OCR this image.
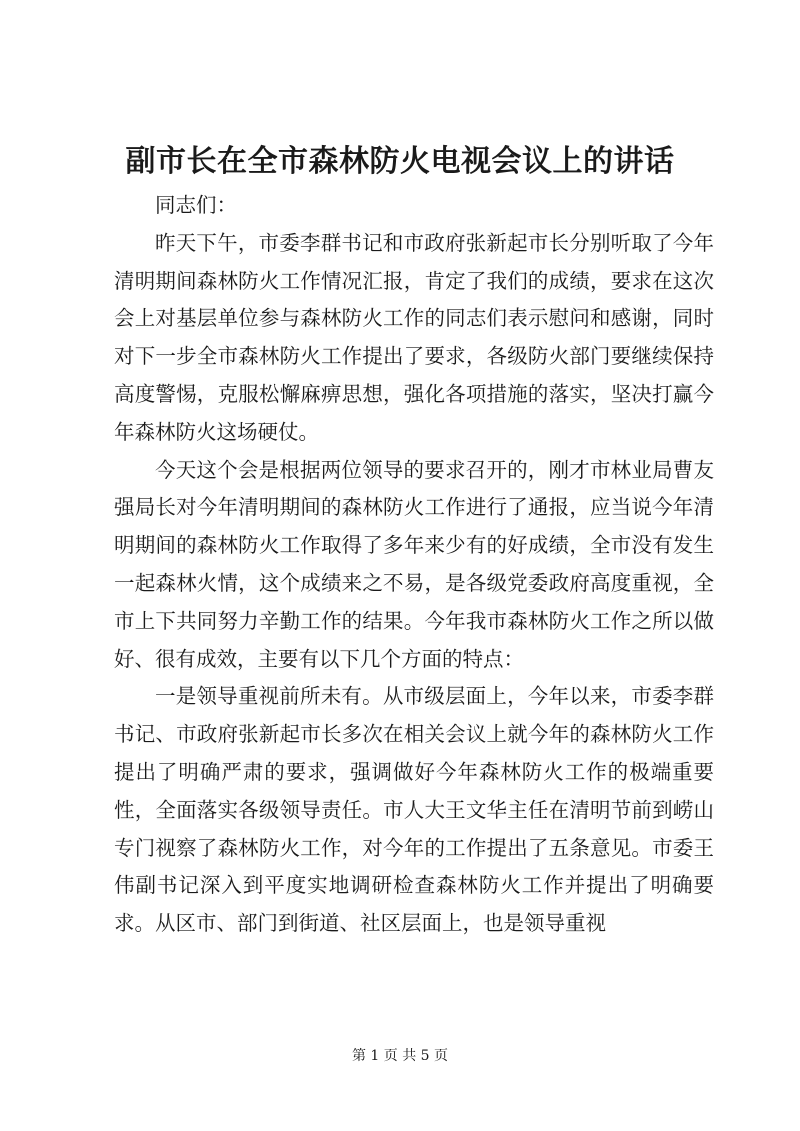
副市长在全市森林防火电视会议上的讲话

同志们：

昨天下午，市委李群书记和市政府张新起市长分别听取了今年清明期间森林防火工作情况汇报，肯定了我们的成绩，要求在这次会上对基层单位参与森林防火工作的同志们表示慰问和感谢，同时对下一步全市森林防火工作提出了要求，各级防火部门要继续保持高度警惕，克服松懈麻痹思想，强化各项措施的落实，坚决打赢今年森林防火这场硬仗。

今天这个会是根据两位领导的要求召开的，刚才市林业局曹友强局长对今年清明期间的森林防火工作进行了通报，应当说今年清明期间的森林防火工作取得了多年来少有的好成绩，全市没有发生一起森林火情，这个成绩来之不易，是各级党委政府高度重视，全市上下共同努力辛勤工作的结果。今年我市森林防火工作之所以做好、很有成效，主要有以下几个方面的特点：

一是领导重视前所未有。从市级层面上，今年以来，市委李群书记、市政府张新起市长多次在相关会议上就今年的森林防火工作提出了明确严肃的要求，强调做好今年森林防火工作的极端重要性，全面落实各级领导责任。市人大王文华主任在清明节前到崂山专门视察了森林防火工作，对今年的工作提出了五条意见。市委王伟副书记深入到平度实地调研检查森林防火工作并提出了明确要求。从区市、部门到街道、社区层面上，也是领导重视

第 1 页 共 5 页
